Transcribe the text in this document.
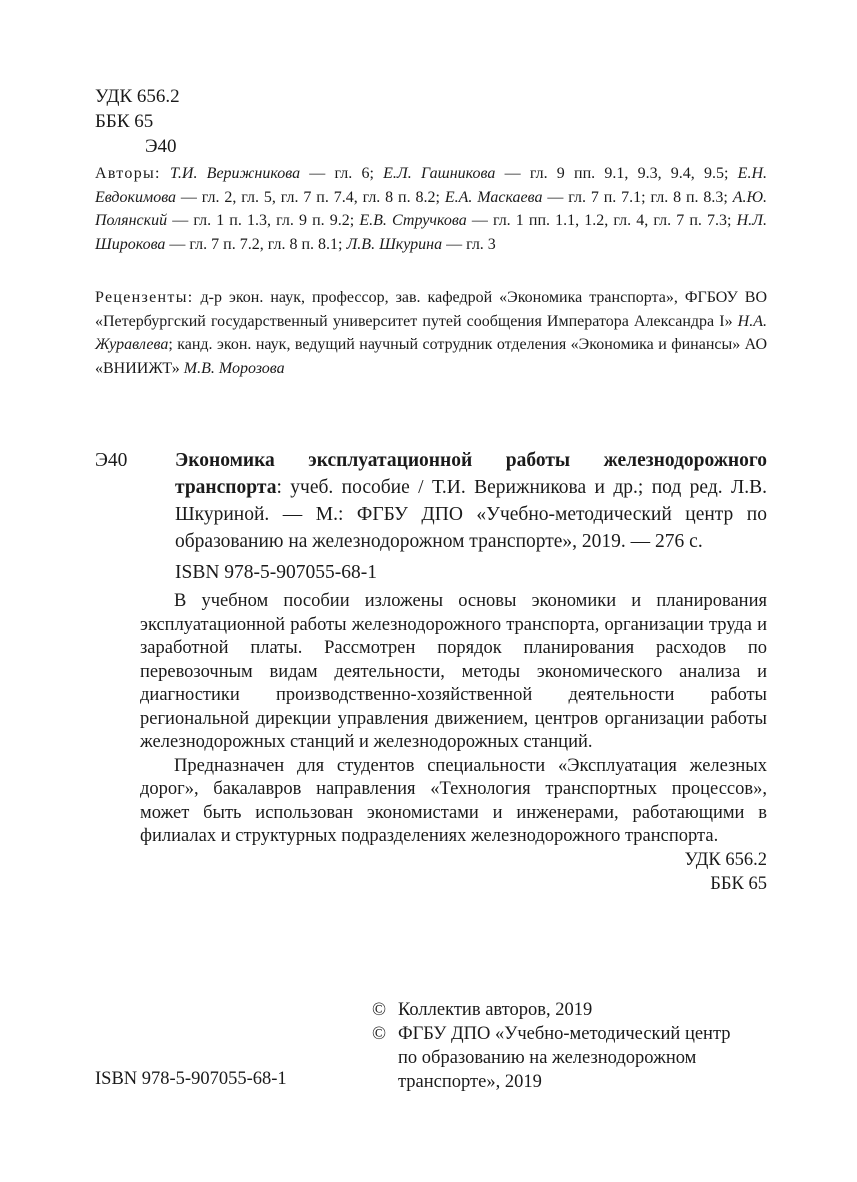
УДК 656.2
ББК 65
Э40
Авторы: Т.И. Верижникова — гл. 6; Е.Л. Гашникова — гл. 9 пп. 9.1, 9.3, 9.4, 9.5; Е.Н. Евдокимова — гл. 2, гл. 5, гл. 7 п. 7.4, гл. 8 п. 8.2; Е.А. Маскаева — гл. 7 п. 7.1; гл. 8 п. 8.3; А.Ю. Полянский — гл. 1 п. 1.3, гл. 9 п. 9.2; Е.В. Стручкова — гл. 1 пп. 1.1, 1.2, гл. 4, гл. 7 п. 7.3; Н.Л. Широкова — гл. 7 п. 7.2, гл. 8 п. 8.1; Л.В. Шкурина — гл. 3
Рецензенты: д-р экон. наук, профессор, зав. кафедрой «Экономика транспорта», ФГБОУ ВО «Петербургский государственный университет путей сообщения Императора Александра I» Н.А. Журавлева; канд. экон. наук, ведущий научный сотрудник отделения «Экономика и финансы» АО «ВНИИЖТ» М.В. Морозова
Э40 Экономика эксплуатационной работы железнодорожного транспорта: учеб. пособие / Т.И. Верижникова и др.; под ред. Л.В. Шкуриной. — М.: ФГБУ ДПО «Учебно-методический центр по образованию на железнодорожном транспорте», 2019. — 276 с.
ISBN 978-5-907055-68-1

В учебном пособии изложены основы экономики и планирования эксплуатационной работы железнодорожного транспорта, организации труда и заработной платы. Рассмотрен порядок планирования расходов по перевозочным видам деятельности, методы экономического анализа и диагностики производственно-хозяйственной деятельности работы региональной дирекции управления движением, центров организации работы железнодорожных станций и железнодорожных станций.

Предназначен для студентов специальности «Эксплуатация железных дорог», бакалавров направления «Технология транспортных процессов», может быть использован экономистами и инженерами, работающими в филиалах и структурных подразделениях железнодорожного транспорта.

УДК 656.2
ББК 65
© Коллектив авторов, 2019
© ФГБУ ДПО «Учебно-методический центр
по образованию на железнодорожном
транспорте», 2019
ISBN 978-5-907055-68-1
